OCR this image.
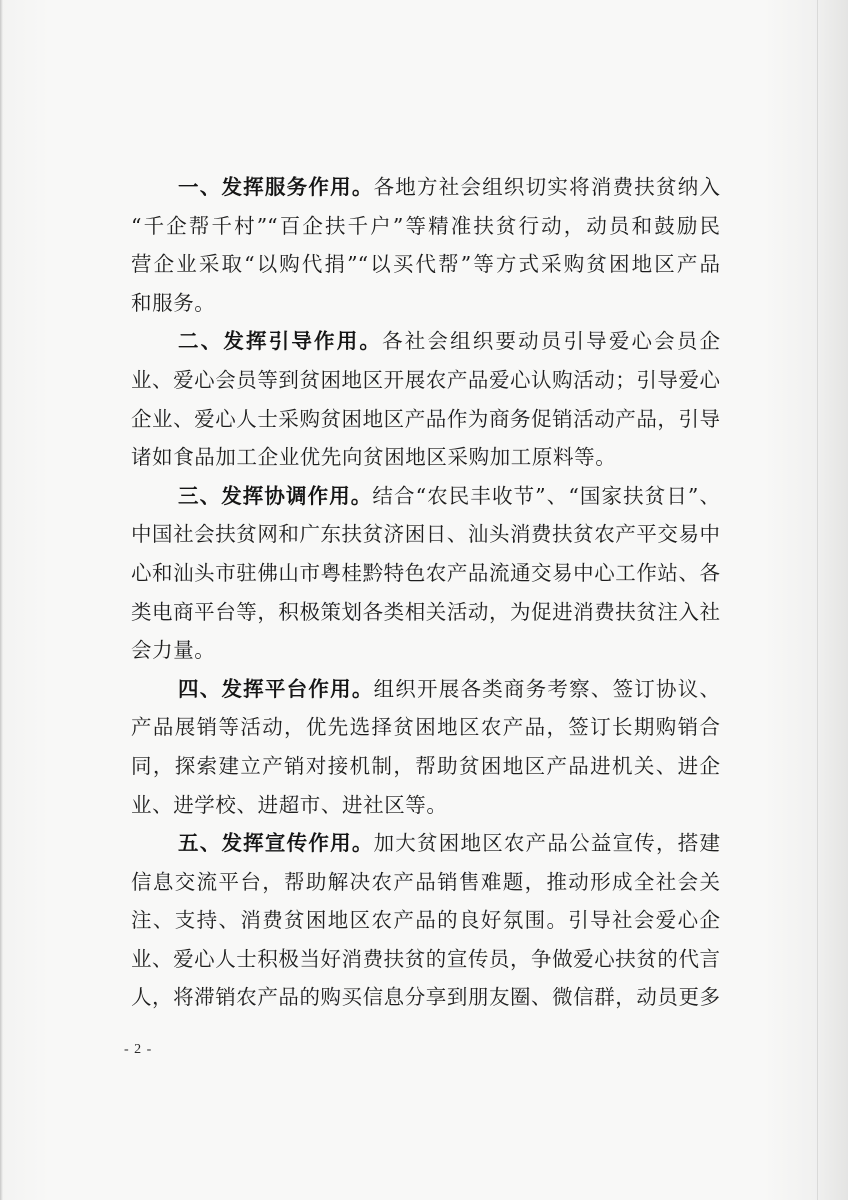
一、发挥服务作用。各地方社会组织切实将消费扶贫纳入
“千企帮千村”“百企扶千户”等精准扶贫行动，动员和鼓励民
营企业采取“以购代捐”“以买代帮”等方式采购贫困地区产品
和服务。
二、发挥引导作用。各社会组织要动员引导爱心会员企
业、爱心会员等到贫困地区开展农产品爱心认购活动；引导爱心
企业、爱心人士采购贫困地区产品作为商务促销活动产品，引导
诸如食品加工企业优先向贫困地区采购加工原料等。
三、发挥协调作用。结合“农民丰收节”、“国家扶贫日”、
中国社会扶贫网和广东扶贫济困日、汕头消费扶贫农产平交易中
心和汕头市驻佛山市粤桂黔特色农产品流通交易中心工作站、各
类电商平台等，积极策划各类相关活动，为促进消费扶贫注入社
会力量。
四、发挥平台作用。组织开展各类商务考察、签订协议、
产品展销等活动，优先选择贫困地区农产品，签订长期购销合
同，探索建立产销对接机制，帮助贫困地区产品进机关、进企
业、进学校、进超市、进社区等。
五、发挥宣传作用。加大贫困地区农产品公益宣传，搭建
信息交流平台，帮助解决农产品销售难题，推动形成全社会关
注、支持、消费贫困地区农产品的良好氛围。引导社会爱心企
业、爱心人士积极当好消费扶贫的宣传员，争做爱心扶贫的代言
人，将滞销农产品的购买信息分享到朋友圈、微信群，动员更多
- 2 -
